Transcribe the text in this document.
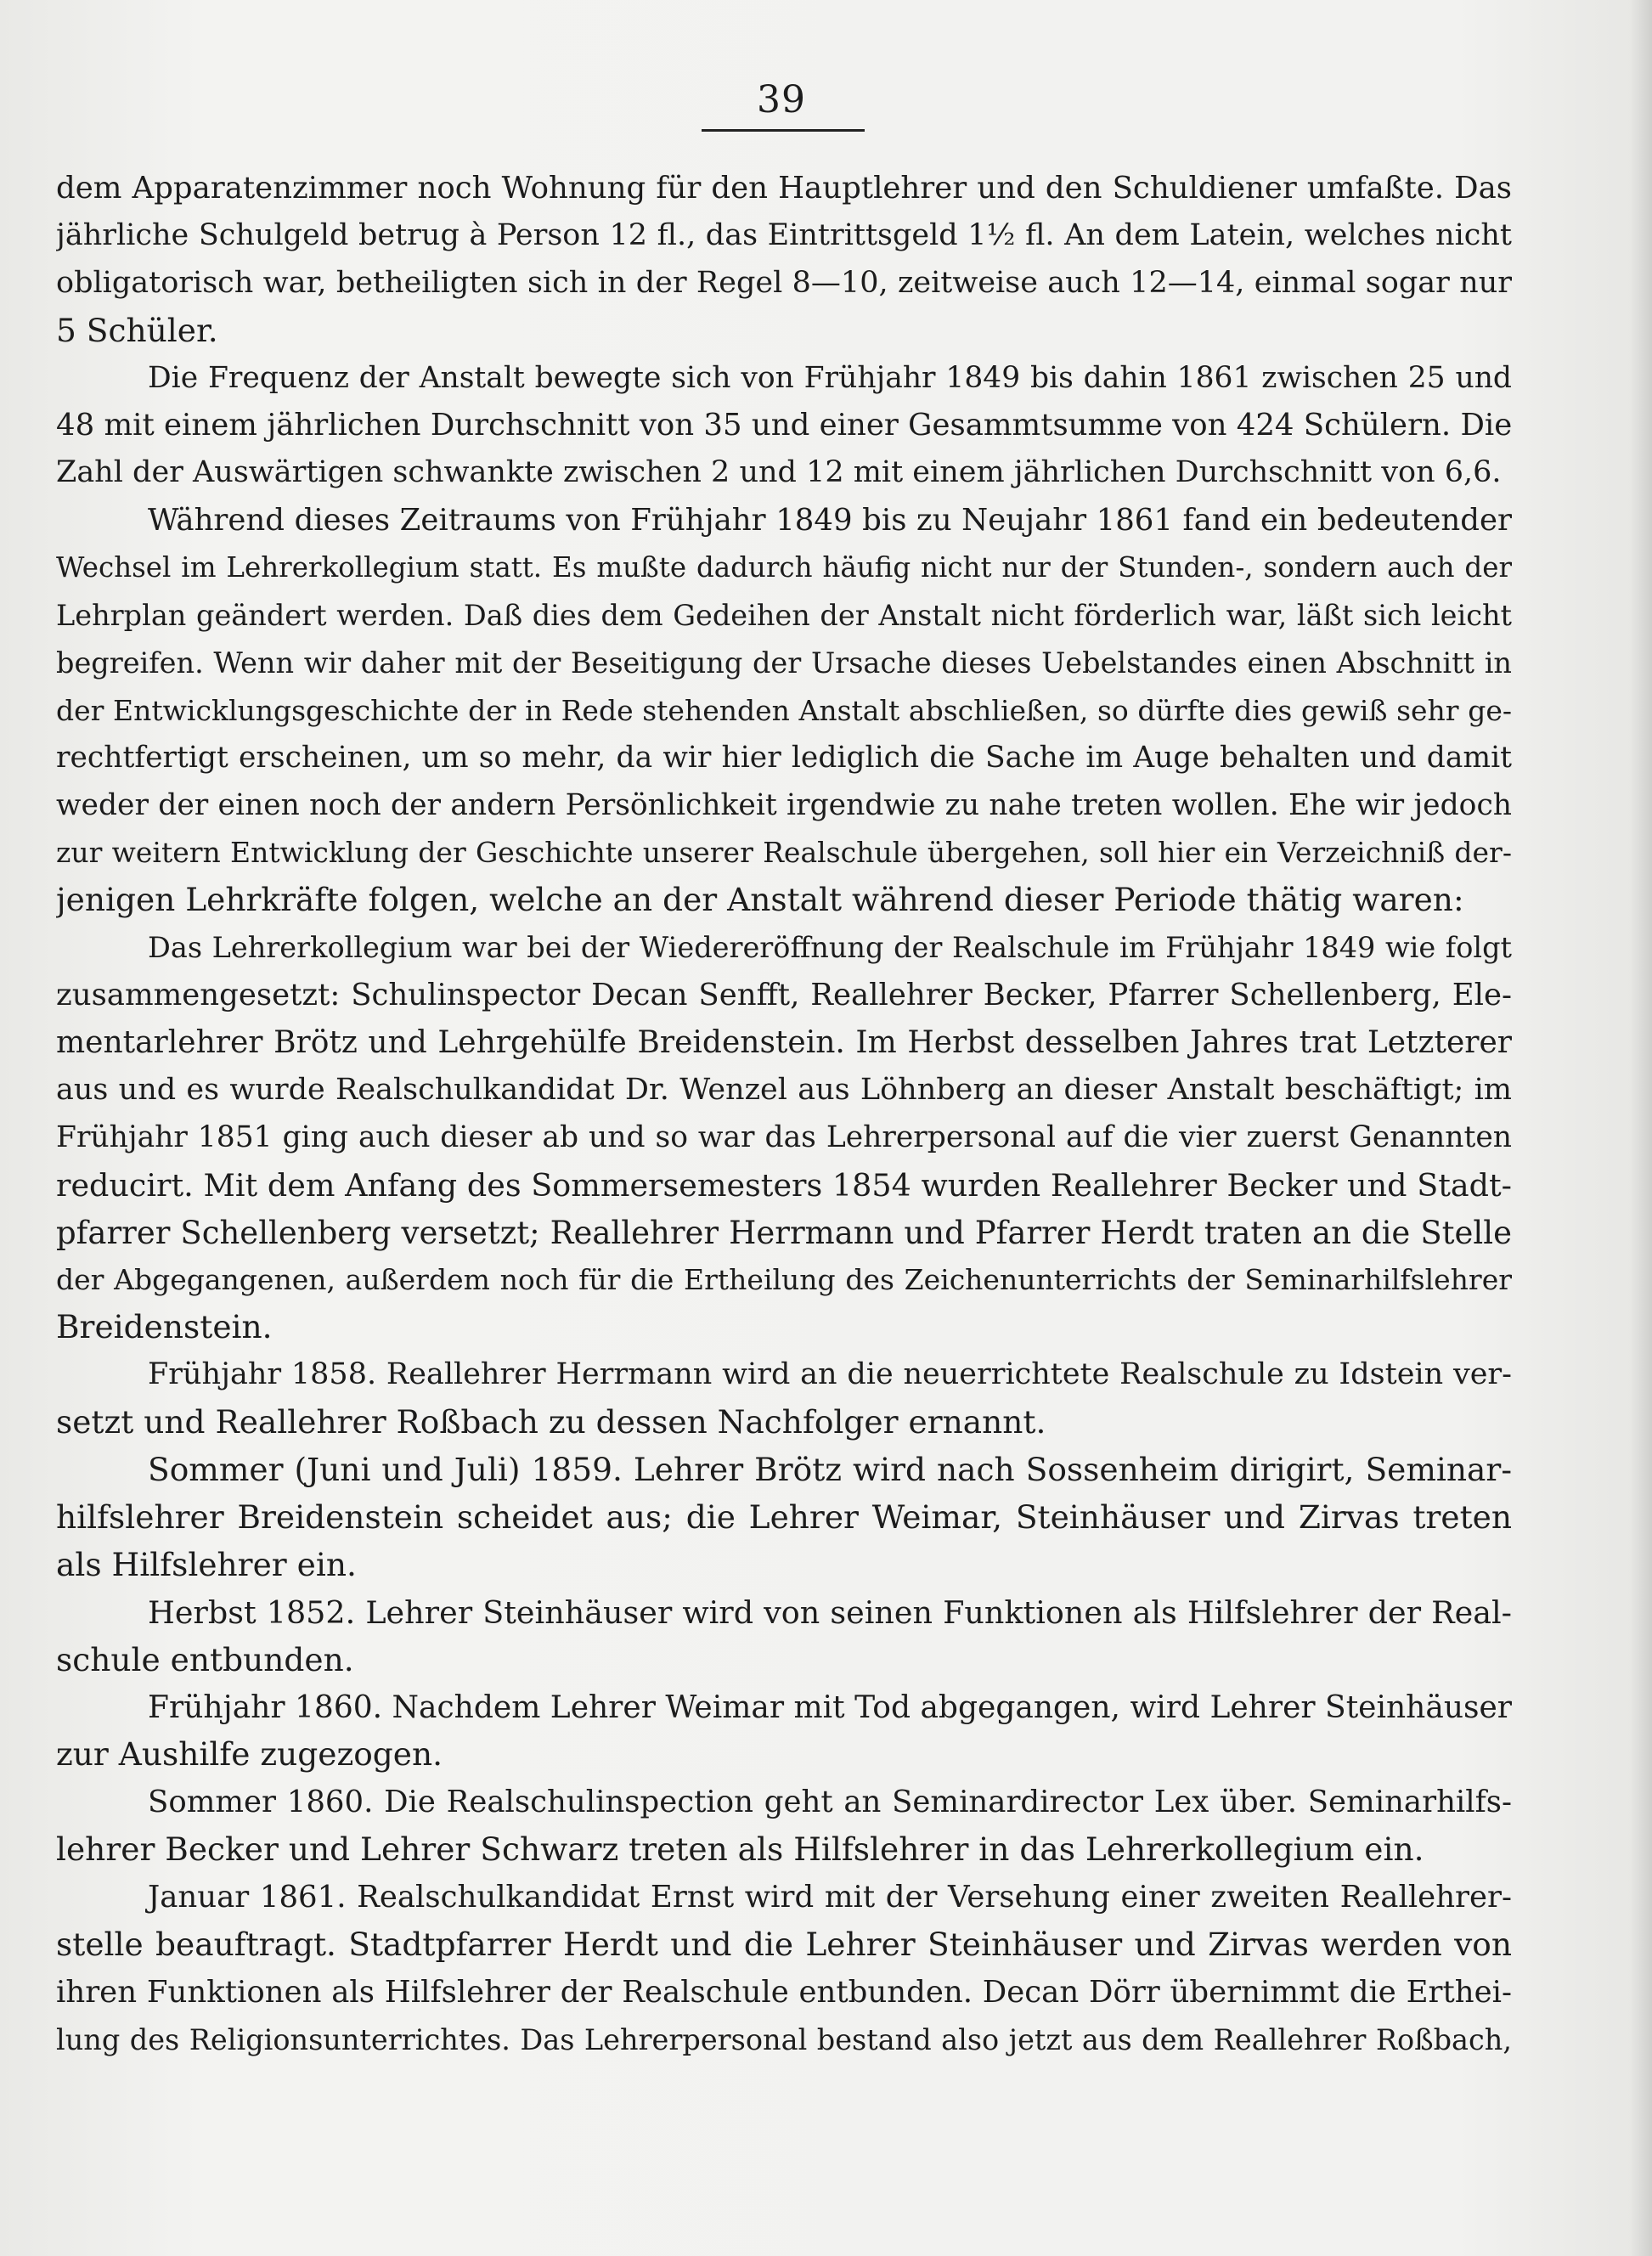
39
dem Apparatenzimmer noch Wohnung für den Hauptlehrer und den Schuldiener umfaßte. Das
jährliche Schulgeld betrug à Person 12 fl., das Eintrittsgeld 1½ fl. An dem Latein, welches nicht
obligatorisch war, betheiligten sich in der Regel 8—10, zeitweise auch 12—14, einmal sogar nur
5 Schüler.
Die Frequenz der Anstalt bewegte sich von Frühjahr 1849 bis dahin 1861 zwischen 25 und
48 mit einem jährlichen Durchschnitt von 35 und einer Gesammtsumme von 424 Schülern. Die
Zahl der Auswärtigen schwankte zwischen 2 und 12 mit einem jährlichen Durchschnitt von 6,6.
Während dieses Zeitraums von Frühjahr 1849 bis zu Neujahr 1861 fand ein bedeutender
Wechsel im Lehrerkollegium statt. Es mußte dadurch häufig nicht nur der Stunden-, sondern auch der
Lehrplan geändert werden. Daß dies dem Gedeihen der Anstalt nicht förderlich war, läßt sich leicht
begreifen. Wenn wir daher mit der Beseitigung der Ursache dieses Uebelstandes einen Abschnitt in
der Entwicklungsgeschichte der in Rede stehenden Anstalt abschließen, so dürfte dies gewiß sehr ge-
rechtfertigt erscheinen, um so mehr, da wir hier lediglich die Sache im Auge behalten und damit
weder der einen noch der andern Persönlichkeit irgendwie zu nahe treten wollen. Ehe wir jedoch
zur weitern Entwicklung der Geschichte unserer Realschule übergehen, soll hier ein Verzeichniß der-
jenigen Lehrkräfte folgen, welche an der Anstalt während dieser Periode thätig waren:
Das Lehrerkollegium war bei der Wiedereröffnung der Realschule im Frühjahr 1849 wie folgt
zusammengesetzt: Schulinspector Decan Senfft, Reallehrer Becker, Pfarrer Schellenberg, Ele-
mentarlehrer Brötz und Lehrgehülfe Breidenstein. Im Herbst desselben Jahres trat Letzterer
aus und es wurde Realschulkandidat Dr. Wenzel aus Löhnberg an dieser Anstalt beschäftigt; im
Frühjahr 1851 ging auch dieser ab und so war das Lehrerpersonal auf die vier zuerst Genannten
reducirt. Mit dem Anfang des Sommersemesters 1854 wurden Reallehrer Becker und Stadt-
pfarrer Schellenberg versetzt; Reallehrer Herrmann und Pfarrer Herdt traten an die Stelle
der Abgegangenen, außerdem noch für die Ertheilung des Zeichenunterrichts der Seminarhilfslehrer
Breidenstein.
Frühjahr 1858. Reallehrer Herrmann wird an die neuerrichtete Realschule zu Idstein ver-
setzt und Reallehrer Roßbach zu dessen Nachfolger ernannt.
Sommer (Juni und Juli) 1859. Lehrer Brötz wird nach Sossenheim dirigirt, Seminar-
hilfslehrer Breidenstein scheidet aus; die Lehrer Weimar, Steinhäuser und Zirvas treten
als Hilfslehrer ein.
Herbst 1852. Lehrer Steinhäuser wird von seinen Funktionen als Hilfslehrer der Real-
schule entbunden.
Frühjahr 1860. Nachdem Lehrer Weimar mit Tod abgegangen, wird Lehrer Steinhäuser
zur Aushilfe zugezogen.
Sommer 1860. Die Realschulinspection geht an Seminardirector Lex über. Seminarhilfs-
lehrer Becker und Lehrer Schwarz treten als Hilfslehrer in das Lehrerkollegium ein.
Januar 1861. Realschulkandidat Ernst wird mit der Versehung einer zweiten Reallehrer-
stelle beauftragt. Stadtpfarrer Herdt und die Lehrer Steinhäuser und Zirvas werden von
ihren Funktionen als Hilfslehrer der Realschule entbunden. Decan Dörr übernimmt die Erthei-
lung des Religionsunterrichtes. Das Lehrerpersonal bestand also jetzt aus dem Reallehrer Roßbach,
